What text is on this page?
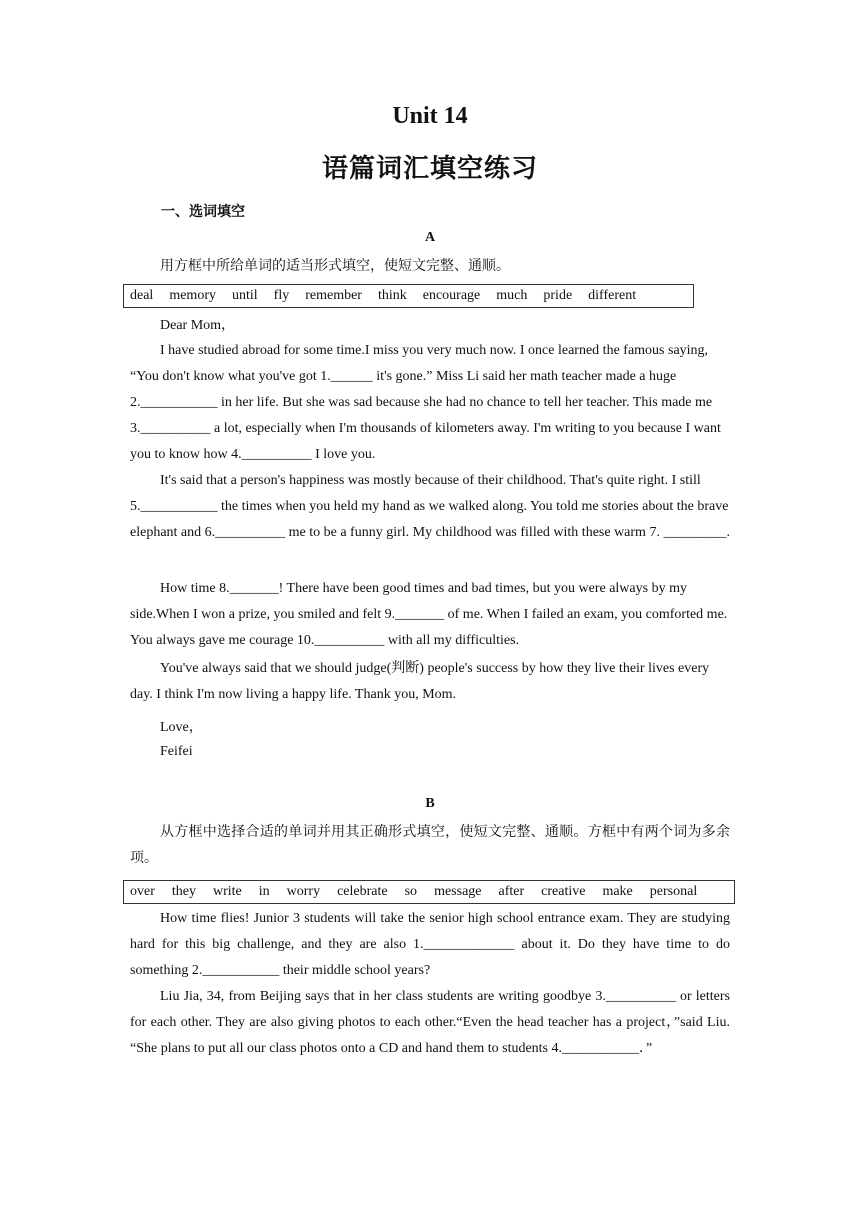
Unit 14
语篇词汇填空练习
一、选词填空
A
用方框中所给单词的适当形式填空，使短文完整、通顺。
deal memory until fly remember think encourage much pride different
Dear Mom，
I have studied abroad for some time.I miss you very much now. I once learned the famous saying, “You don't know what you've got 1.______ it's gone.” Miss Li said her math teacher made a huge 2.___________ in her life. But she was sad because she had no chance to tell her teacher. This made me 3.__________ a lot, especially when I'm thousands of kilometers away. I'm writing to you because I want you to know how 4.__________ I love you.
It's said that a person's happiness was mostly because of their childhood. That's quite right. I still 5.___________ the times when you held my hand as we walked along. You told me stories about the brave elephant and 6.__________ me to be a funny girl. My childhood was filled with these warm 7. _________.
How time 8._______! There have been good times and bad times, but you were always by my side.When I won a prize, you smiled and felt 9._______ of me. When I failed an exam, you comforted me. You always gave me courage 10.__________ with all my difficulties.
You've always said that we should judge(判断) people's success by how they live their lives every day. I think I'm now living a happy life. Thank you, Mom.
Love，
Feifei
B
从方框中选择合适的单词并用其正确形式填空，使短文完整、通顺。方框中有两个词为多余项。
over they write in worry celebrate so message after creative make personal
How time flies! Junior 3 students will take the senior high school entrance exam. They are studying hard for this big challenge, and they are also 1._____________ about it. Do they have time to do something 2.___________ their middle school years?
Liu Jia, 34, from Beijing says that in her class students are writing goodbye 3.__________ or letters for each other. They are also giving photos to each other.“Even the head teacher has a project，”said Liu. “She plans to put all our class photos onto a CD and hand them to students 4.___________．”
